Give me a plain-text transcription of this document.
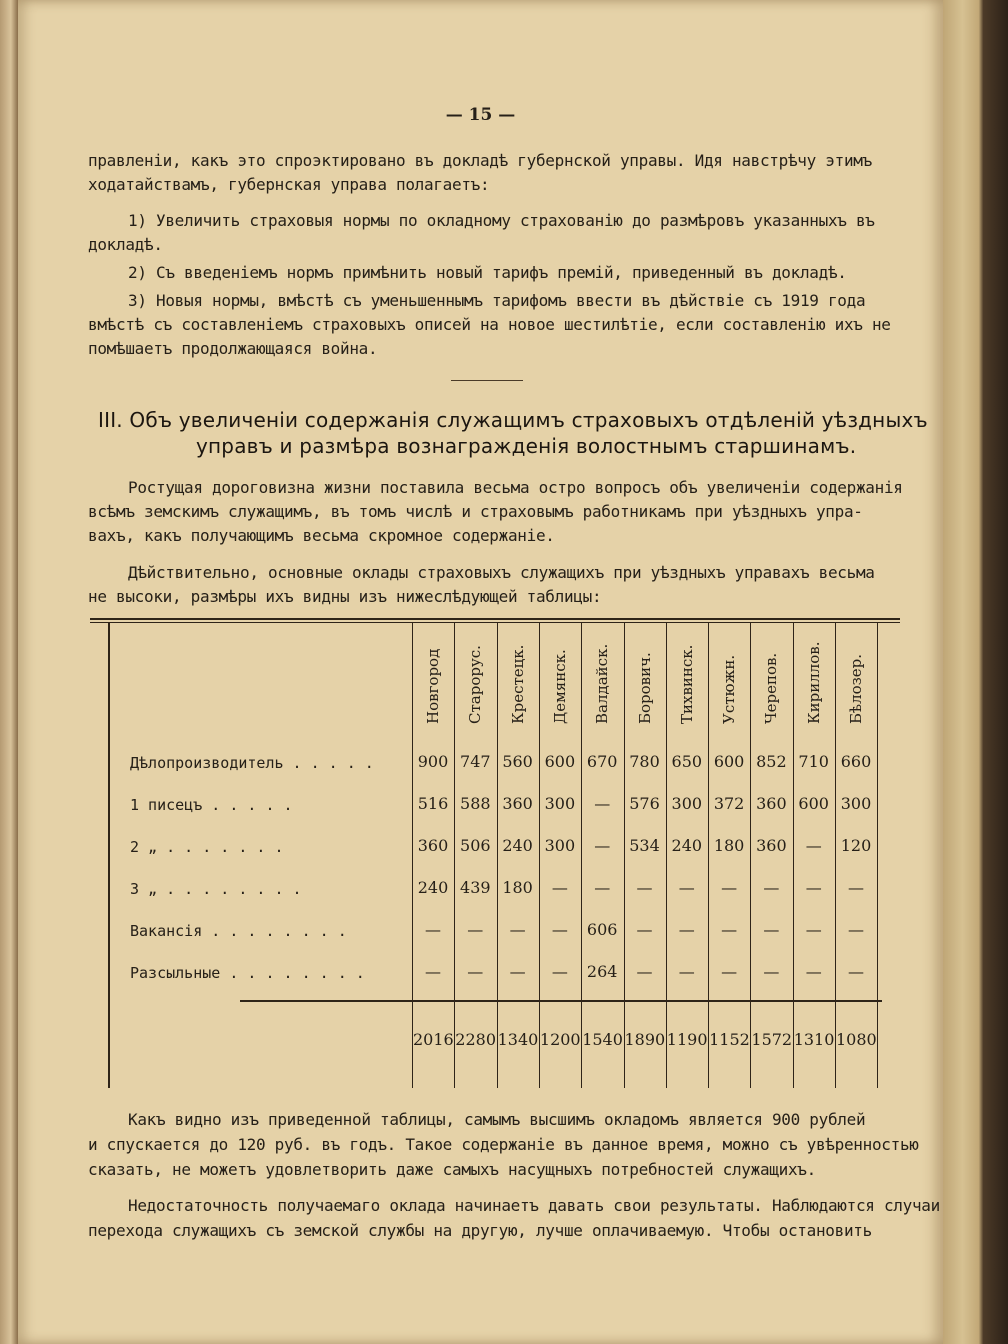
— 15 —
правленіи, какъ это спроэктировано въ докладѣ губернской управы. Идя навстрѣчу этимъ
ходатайствамъ, губернская управа полагаетъ:
1) Увеличить страховыя нормы по окладному страхованію до размѣровъ указанныхъ въ
докладѣ.
2) Съ введеніемъ нормъ примѣнить новый тарифъ премій, приведенный въ докладѣ.
3) Новыя нормы, вмѣстѣ съ уменьшеннымъ тарифомъ ввести въ дѣйствіе съ 1919 года
вмѣстѣ съ составленіемъ страховыхъ описей на новое шестилѣтіе, если составленію ихъ не
помѣшаетъ продолжающаяся война.
III. Объ увеличеніи содержанія служащимъ страховыхъ отдѣленій уѣздныхъ
управъ и размѣра вознагражденія волостнымъ старшинамъ.
Ростущая дороговизна жизни поставила весьма остро вопросъ объ увеличеніи содержанія
всѣмъ земскимъ служащимъ, въ томъ числѣ и страховымъ работникамъ при уѣздныхъ упра-
вахъ, какъ получающимъ весьма скромное содержаніе.
Дѣйствительно, основные оклады страховыхъ служащихъ при уѣздныхъ управахъ весьма
не высоки, размѣры ихъ видны изъ нижеслѣдующей таблицы:
Новгород Старорус. Крестецк. Демянск. Валдайск. Борович. Тихвинск. Устюжн. Черепов. Кириллов. Бѣлозер.
Дѣлопроизводитель . . . . .	900 747 560 600 670 780 650 600 852 710 660
1 писецъ . . . . .	516 588 360 300	—	576 300 372 360 600 300
2 „ . . . . . . .	360 506 240 300	—	534 240 180 360	—	120
3 „ . . . . . . . .	240 439 180	—	—	—	—	—	—	—	—
Вакансія . . . . . . . .	—	—	—	—	606	—	—	—	—	—	—
Разсыльные . . . . . . . .	—	—	—	—	264	—	—	—	—	—	—
2016 2280 1340 1200 1540 1890 1190 1152 1572 1310 1080
Какъ видно изъ приведенной таблицы, самымъ высшимъ окладомъ является 900 рублей
и спускается до 120 руб. въ годъ. Такое содержаніе въ данное время, можно съ увѣренностью
сказать, не можетъ удовлетворить даже самыхъ насущныхъ потребностей служащихъ.
Недостаточность получаемаго оклада начинаетъ давать свои результаты. Наблюдаются случаи
перехода служащихъ съ земской службы на другую, лучше оплачиваемую. Чтобы остановить
